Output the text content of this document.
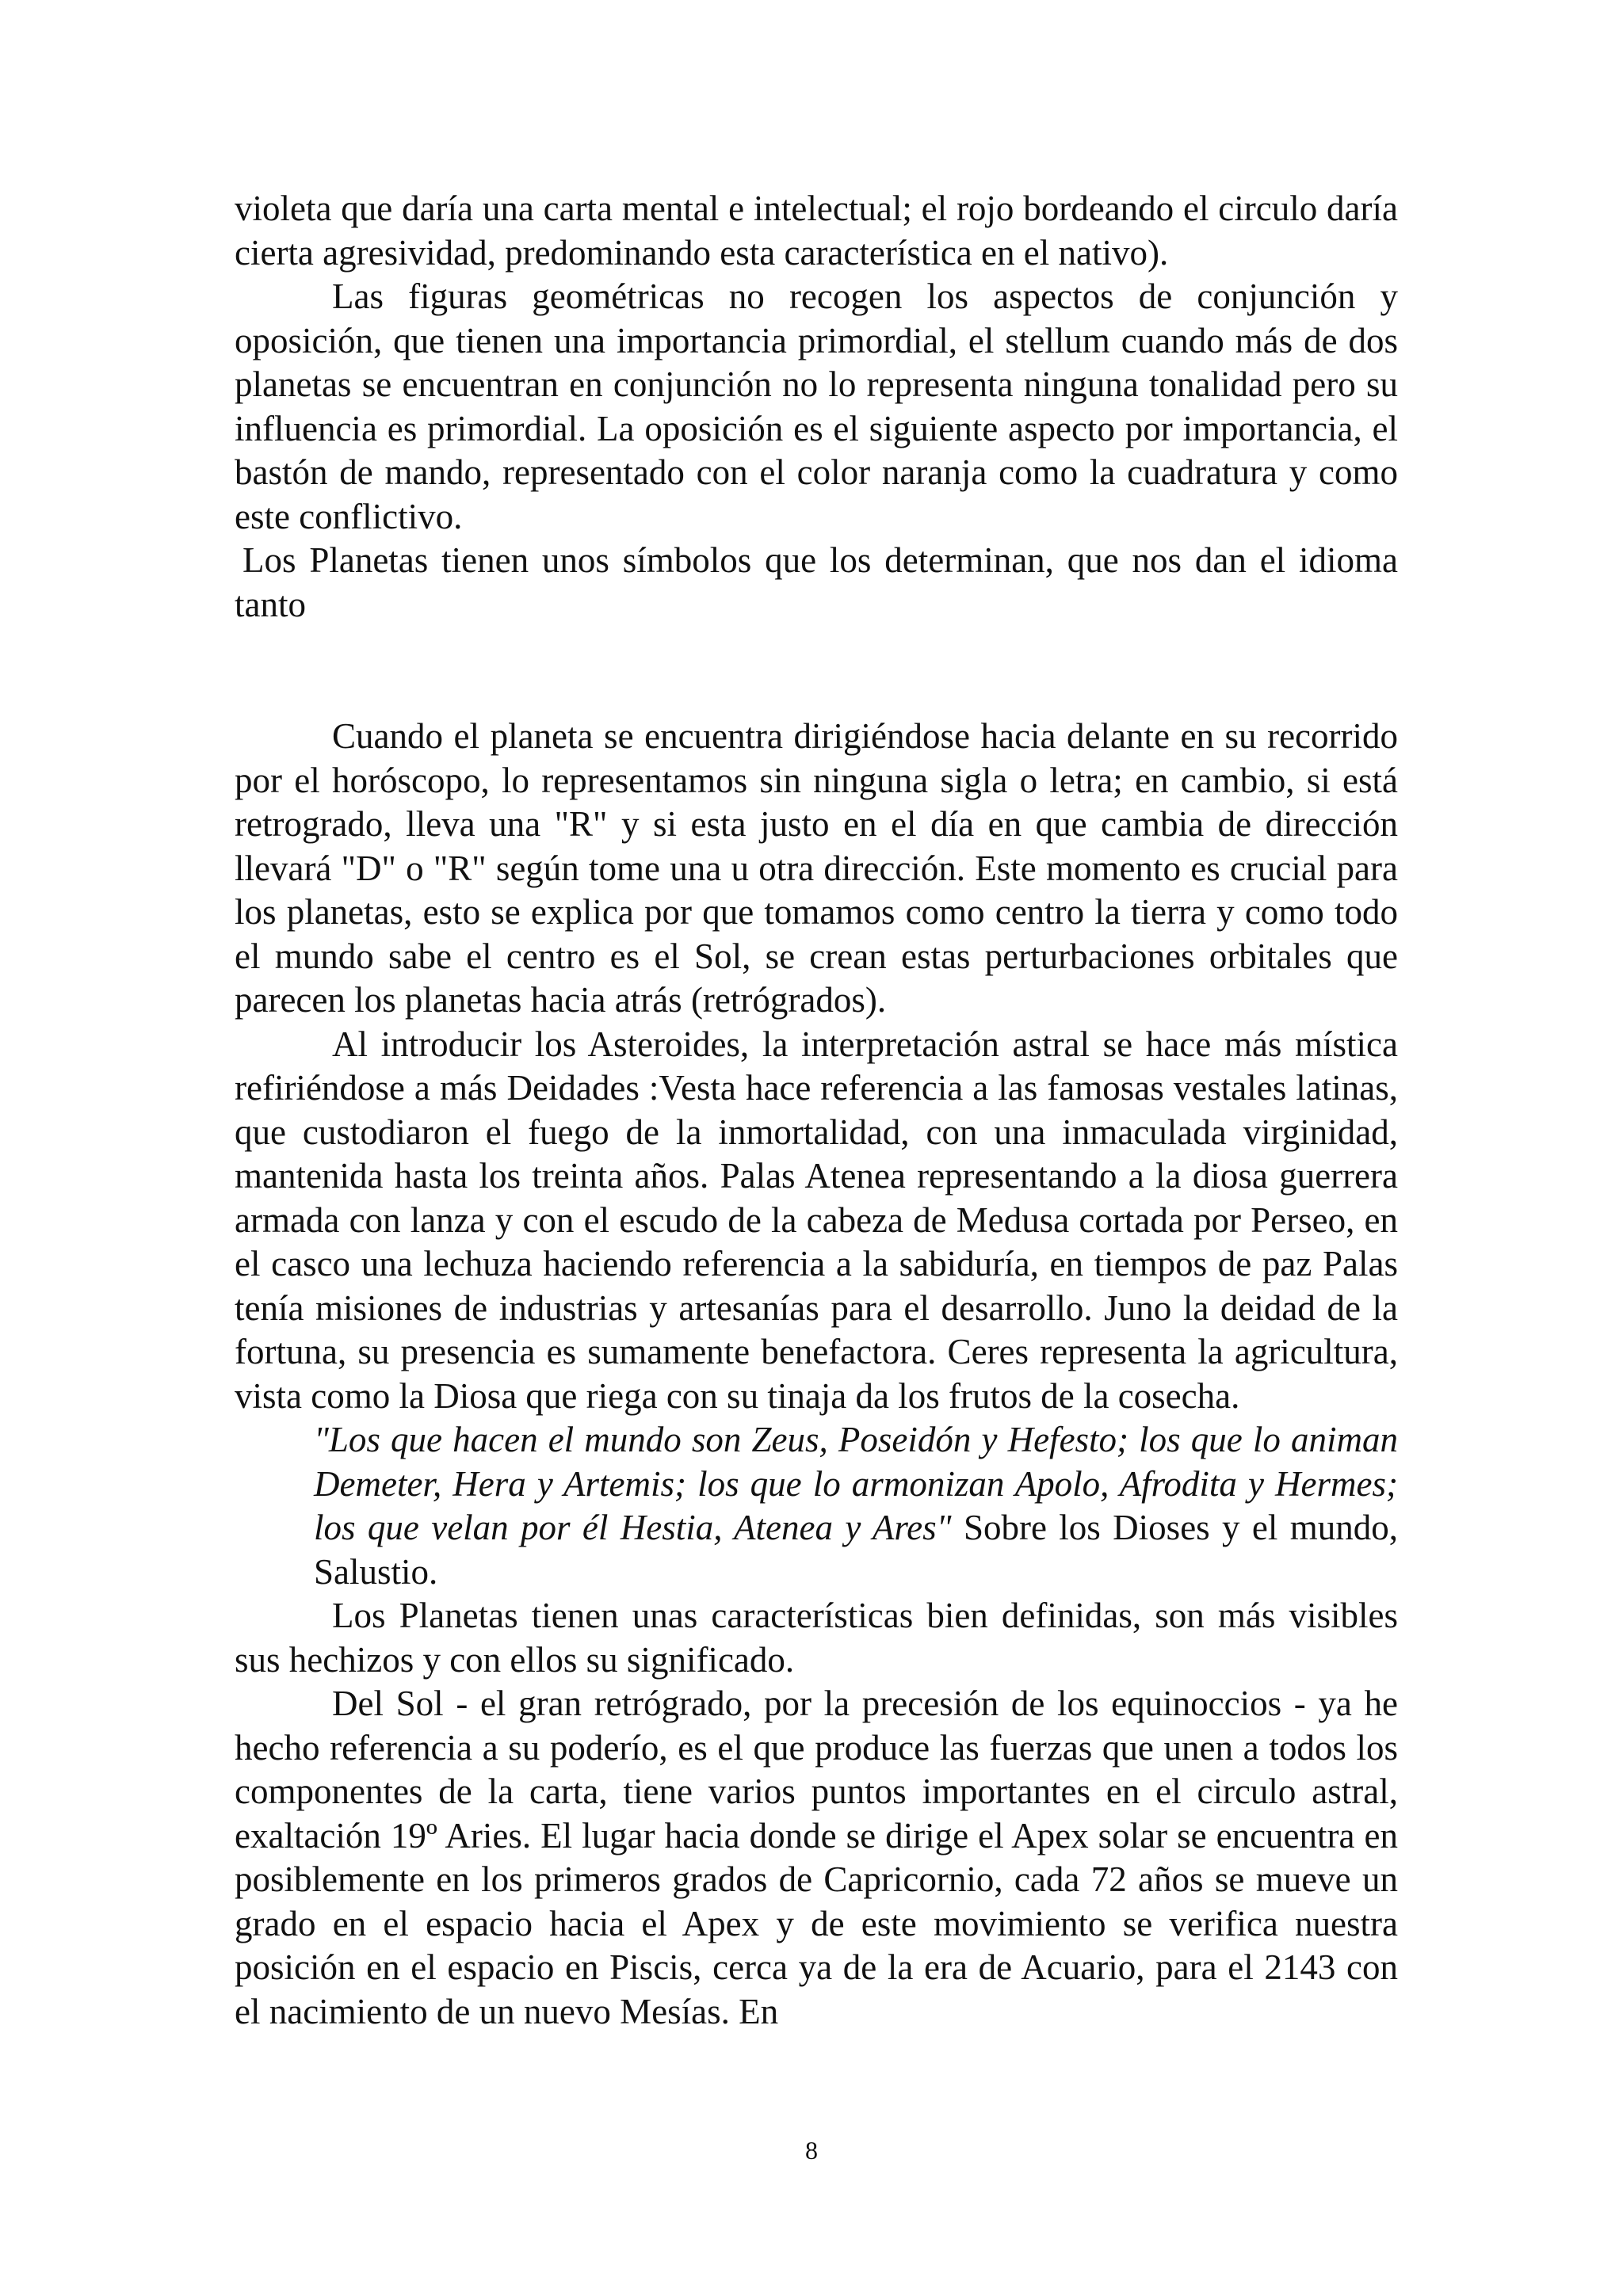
violeta que daría una carta mental e intelectual; el rojo bordeando el circulo daría cierta agresividad, predominando esta característica en el nativo).

Las figuras geométricas no recogen los aspectos de conjunción y oposición, que tienen una importancia primordial, el stellum cuando más de dos planetas se encuentran en conjunción no lo representa ninguna tonalidad pero su influencia es primordial. La oposición es el siguiente aspecto por importancia, el bastón de mando, representado con el color naranja como la cuadratura y como este conflictivo.

Los Planetas tienen unos símbolos que los determinan, que nos dan el idioma tanto

Cuando el planeta se encuentra dirigiéndose hacia delante en su recorrido por el horóscopo, lo representamos sin ninguna sigla o letra; en cambio, si está retrogrado, lleva una "R" y si esta justo en el día en que cambia de dirección llevará "D" o "R" según tome una u otra dirección. Este momento es crucial para los planetas, esto se explica por que tomamos como centro la tierra y como todo el mundo sabe el centro es el Sol, se crean estas perturbaciones orbitales que parecen los planetas hacia atrás (retrógrados).

Al introducir los Asteroides, la interpretación astral se hace más mística refiriéndose a más Deidades :Vesta hace referencia a las famosas vestales latinas, que custodiaron el fuego de la inmortalidad, con una inmaculada virginidad, mantenida hasta los treinta años. Palas Atenea representando a la diosa guerrera armada con lanza y con el escudo de la cabeza de Medusa cortada por Perseo, en el casco una lechuza haciendo referencia a la sabiduría, en tiempos de paz Palas tenía misiones de industrias y artesanías para el desarrollo. Juno la deidad de la fortuna, su presencia es sumamente benefactora. Ceres representa la agricultura, vista como la Diosa que riega con su tinaja da los frutos de la cosecha.

"Los que hacen el mundo son Zeus, Poseidón y Hefesto; los que lo animan Demeter, Hera y Artemis; los que lo armonizan Apolo, Afrodita y Hermes; los que velan por él Hestia, Atenea y Ares" Sobre los Dioses y el mundo, Salustio.

Los Planetas tienen unas características bien definidas, son más visibles sus hechizos y con ellos su significado.

Del Sol - el gran retrógrado, por la precesión de los equinoccios - ya he hecho referencia a su poderío, es el que produce las fuerzas que unen a todos los componentes de la carta, tiene varios puntos importantes en el circulo astral, exaltación 19º Aries. El lugar hacia donde se dirige el Apex solar se encuentra en posiblemente en los primeros grados de Capricornio, cada 72 años se mueve un grado en el espacio hacia el Apex y de este movimiento se verifica nuestra posición en el espacio en Piscis, cerca ya de la era de Acuario, para el 2143 con el nacimiento de un nuevo Mesías. En

8
